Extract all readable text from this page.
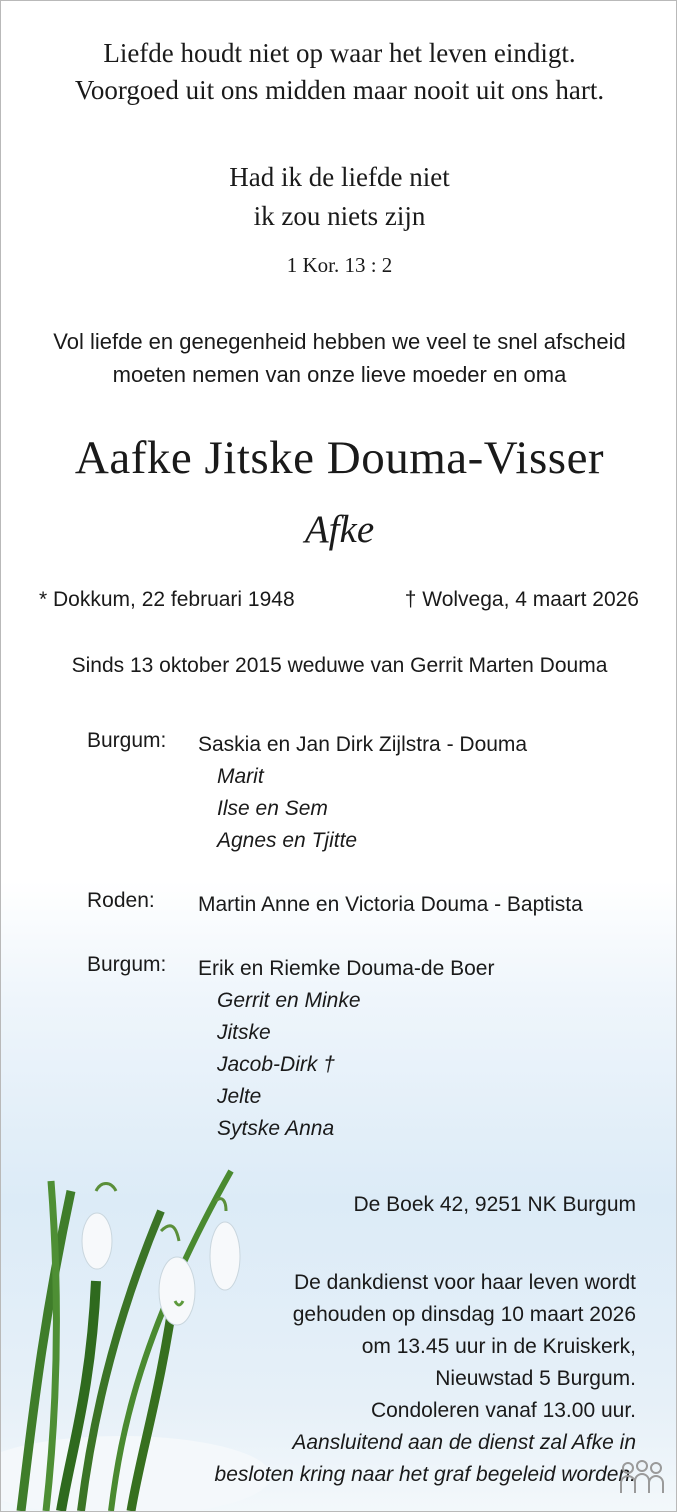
Liefde houdt niet op waar het leven eindigt.
Voorgoed uit ons midden maar nooit uit ons hart.
Had ik de liefde niet
ik zou niets zijn
1 Kor. 13 : 2
Vol liefde en genegenheid hebben we veel te snel afscheid
moeten nemen van onze lieve moeder en oma
Aafke Jitske Douma-Visser
Afke
* Dokkum, 22 februari 1948	† Wolvega, 4 maart 2026
Sinds 13 oktober 2015 weduwe van Gerrit Marten Douma
Burgum:	Saskia en Jan Dirk Zijlstra - Douma
Marit
Ilse en Sem
Agnes en Tjitte
Roden:	Martin Anne en Victoria Douma - Baptista
Burgum:	Erik en Riemke Douma-de Boer
Gerrit en Minke
Jitske
Jacob-Dirk †
Jelte
Sytske Anna
De Boek 42, 9251 NK Burgum
De dankdienst voor haar leven wordt
gehouden op dinsdag 10 maart 2026
om 13.45 uur in de Kruiskerk,
Nieuwstad 5 Burgum.
Condoleren vanaf 13.00 uur.
Aansluitend aan de dienst zal Afke in
besloten kring naar het graf begeleid worden.
